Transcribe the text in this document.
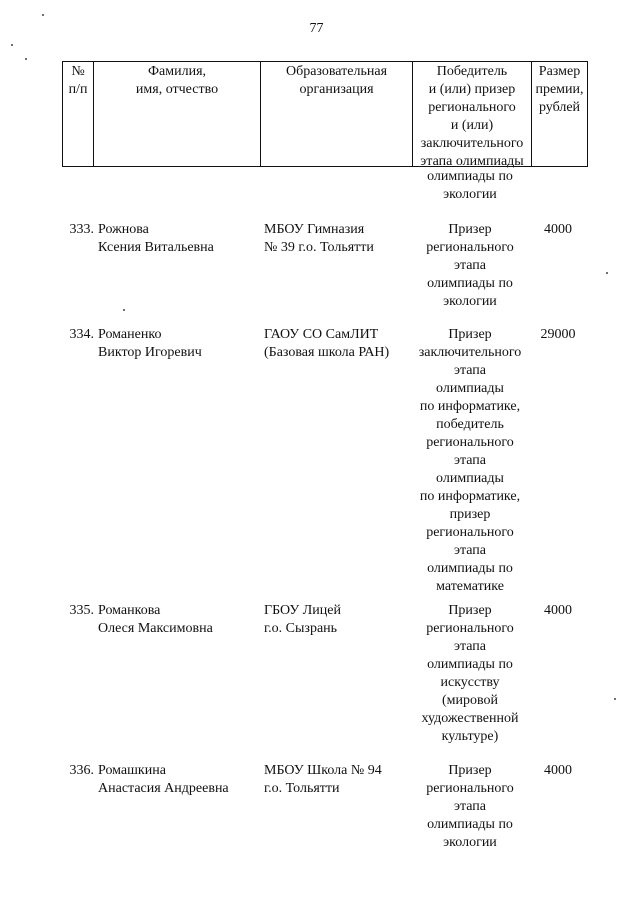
77
№
п/п
Фамилия,
имя, отчество
Образовательная
организация
Победитель
и (или) призер
регионального
и (или)
заключительного
этапа олимпиады
Размер
премии,
рублей
олимпиады по
экологии
333. Рожнова
Ксения Витальевна
МБОУ Гимназия
№ 39 г.о. Тольятти
Призер
регионального
этапа
олимпиады по
экологии
4000
334. Романенко
Виктор Игоревич
ГАОУ СО СамЛИТ
(Базовая школа РАН)
Призер
заключительного
этапа
олимпиады
по информатике,
победитель
регионального
этапа
олимпиады
по информатике,
призер
регионального
этапа
олимпиады по
математике
29000
335. Романкова
Олеся Максимовна
ГБОУ Лицей
г.о. Сызрань
Призер
регионального
этапа
олимпиады по
искусству
(мировой
художественной
культуре)
4000
336. Ромашкина
Анастасия Андреевна
МБОУ Школа № 94
г.о. Тольятти
Призер
регионального
этапа
олимпиады по
экологии
4000
